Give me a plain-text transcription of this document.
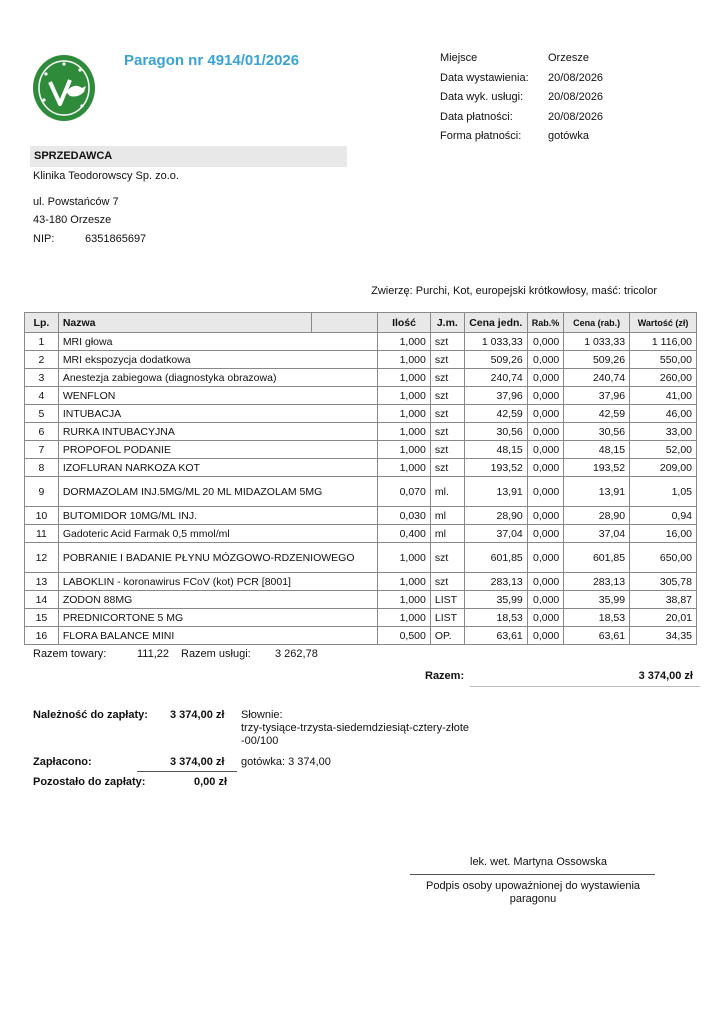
Paragon nr 4914/01/2026	Miejsce	Orzesze
Data wystawienia:	20/08/2026
Data wyk. usługi:	20/08/2026
Data płatności:	20/08/2026
Forma płatności:	gotówka
SPRZEDAWCA
Klinika Teodorowscy Sp. zo.o.
ul. Powstańców 7
43-180 Orzesze
NIP:	6351865697
Zwierzę: Purchi, Kot, europejski krótkowłosy, maść: tricolor
Lp.	Nazwa		Ilość	J.m.	Cena jedn.	Rab.%	Cena (rab.)	Wartość (zł)
1	MRI głowa		1,000	szt	1 033,33	0,000	1 033,33	1 116,00
2	MRI ekspozycja dodatkowa		1,000	szt	509,26	0,000	509,26	550,00
3	Anestezja zabiegowa (diagnostyka obrazowa)		1,000	szt	240,74	0,000	240,74	260,00
4	WENFLON		1,000	szt	37,96	0,000	37,96	41,00
5	INTUBACJA		1,000	szt	42,59	0,000	42,59	46,00
6	RURKA INTUBACYJNA		1,000	szt	30,56	0,000	30,56	33,00
7	PROPOFOL PODANIE		1,000	szt	48,15	0,000	48,15	52,00
8	IZOFLURAN NARKOZA KOT		1,000	szt	193,52	0,000	193,52	209,00
9	DORMAZOLAM INJ.5MG/ML 20 ML MIDAZOLAM 5MG		0,070	ml.	13,91	0,000	13,91	1,05
10	BUTOMIDOR 10MG/ML INJ.		0,030	ml	28,90	0,000	28,90	0,94
11	Gadoteric Acid Farmak 0,5 mmol/ml		0,400	ml	37,04	0,000	37,04	16,00
12	POBRANIE I BADANIE PŁYNU MÓZGOWO-RDZENIOWEGO		1,000	szt	601,85	0,000	601,85	650,00
13	LABOKLIN - koronawirus FCoV (kot) PCR [8001]		1,000	szt	283,13	0,000	283,13	305,78
14	ZODON 88MG		1,000	LIST	35,99	0,000	35,99	38,87
15	PREDNICORTONE 5 MG		1,000	LIST	18,53	0,000	18,53	20,01
16	FLORA BALANCE MINI		0,500	OP.	63,61	0,000	63,61	34,35
Razem towary:	111,22	Razem usługi:	3 262,78
Razem:	3 374,00 zł
Należność do zapłaty: 3 374,00 zł Słownie:
trzy-tysiące-trzysta-siedemdziesiąt-cztery-złote
-00/100
Zapłacono:	3 374,00 zł gotówka: 3 374,00
Pozostało do zapłaty:	0,00 zł
lek. wet. Martyna Ossowska
Podpis osoby upoważnionej do wystawienia paragonu
